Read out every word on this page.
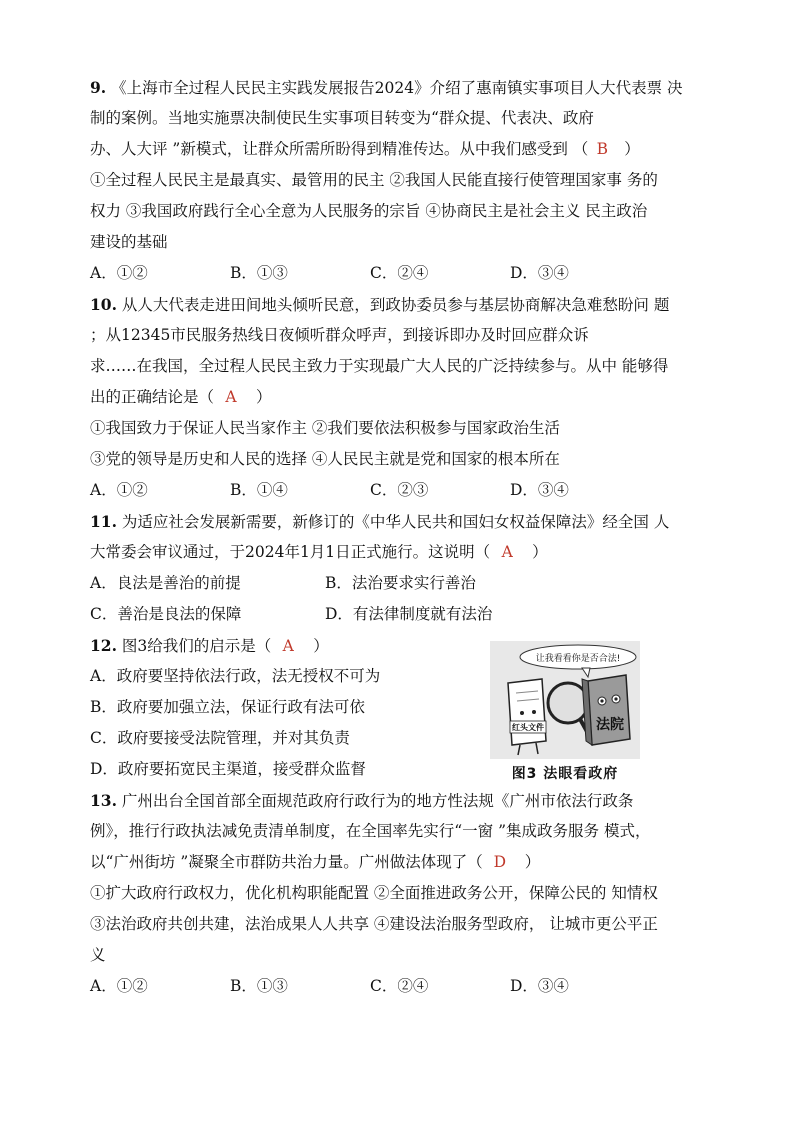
9. 《上海市全过程人民民主实践发展报告2024》介绍了惠南镇实事项目人大代表票 决
制的案例。当地实施票决制使民生实事项目转变为“群众提、代表决、政府
办、人大评 ”新模式，让群众所需所盼得到精准传达。从中我们感受到 （ B ）
①全过程人民民主是最真实、最管用的民主 ②我国人民能直接行使管理国家事 务的
权力 ③我国政府践行全心全意为人民服务的宗旨 ④协商民主是社会主义 民主政治
建设的基础
A．①②	B．①③	C．②④	D．③④
10. 从人大代表走进田间地头倾听民意，到政协委员参与基层协商解决急难愁盼问 题
；从12345市民服务热线日夜倾听群众呼声，到接诉即办及时回应群众诉
求……在我国，全过程人民民主致力于实现最广大人民的广泛持续参与。从中 能够得
出的正确结论是（ A ）
①我国致力于保证人民当家作主 ②我们要依法积极参与国家政治生活
③党的领导是历史和人民的选择 ④人民民主就是党和国家的根本所在
A．①②	B．①④	C．②③	D．③④
11. 为适应社会发展新需要，新修订的《中华人民共和国妇女权益保障法》经全国 人
大常委会审议通过，于2024年1月1日正式施行。这说明（ A ）
A．良法是善治的前提	B．法治要求实行善治
C．善治是良法的保障	D．有法律制度就有法治
12. 图3给我们的启示是（ A ）
A．政府要坚持依法行政，法无授权不可为
B．政府要加强立法，保证行政有法可依
C．政府要接受法院管理，并对其负责
D．政府要拓宽民主渠道，接受群众监督
13. 广州出台全国首部全面规范政府行政行为的地方性法规《广州市依法行政条
例》，推行行政执法减免责清单制度，在全国率先实行“一窗 ”集成政务服务 模式，
以“广州街坊 ”凝聚全市群防共治力量。广州做法体现了（ D ）
①扩大政府行政权力，优化机构职能配置 ②全面推进政务公开，保障公民的 知情权
③法治政府共创共建，法治成果人人共享 ④建设法治服务型政府， 让城市更公平正
义
A．①②	B．①③	C．②④	D．③④
让我看看你是否合法!
红头文件	法院
图3 法眼看政府
